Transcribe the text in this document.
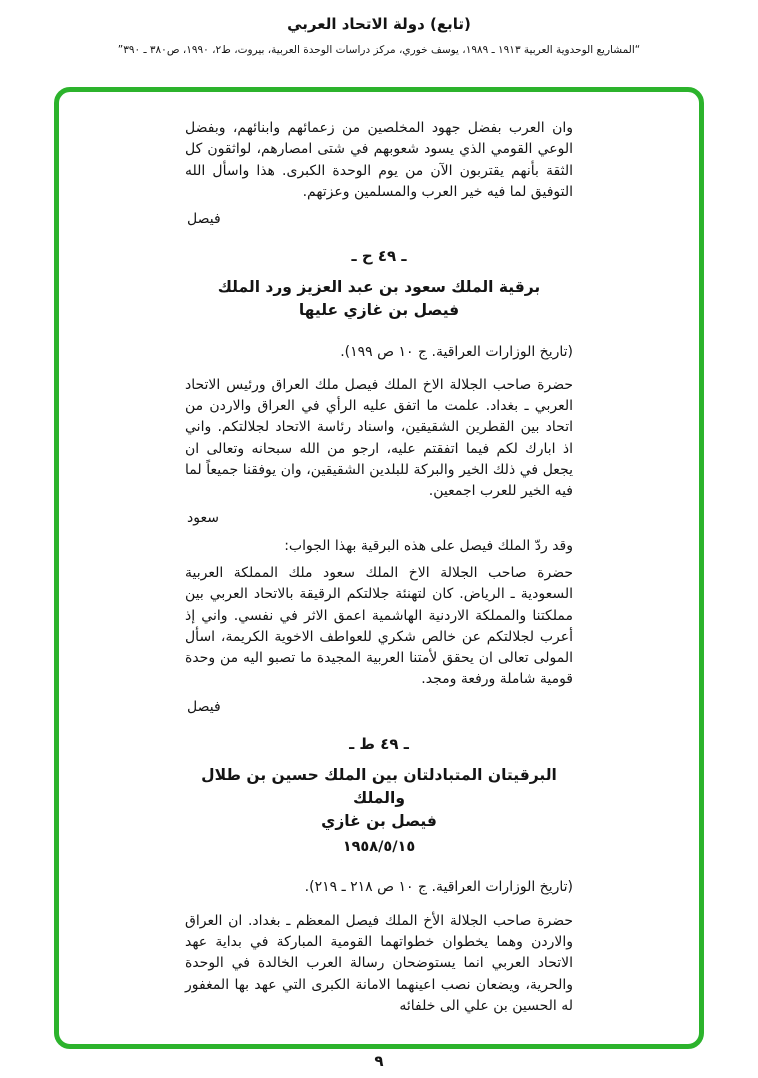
(تابع) دولة الاتحاد العربي
“المشاريع الوحدوية العربية ١٩١٣ ـ ١٩٨٩، يوسف خوري، مركز دراسات الوحدة العربية، بيروت، ط٢، ١٩٩٠، ص٣٨٠ ـ ٣٩٠”

وان العرب بفضل جهود المخلصين من زعمائهم وابنائهم، وبفضل الوعي القومي الذي يسود شعوبهم في شتى امصارهم، لواثقون كل الثقة بأنهم يقتربون الآن من يوم الوحدة الكبرى. هذا واسأل الله التوفيق لما فيه خير العرب والمسلمين وعزتهم.

فيصل
ـ ٤٩ ح ـ
برقية الملك سعود بن عبد العزيز ورد الملك
فيصل بن غازي عليها

(تاريخ الوزارات العراقية. ج ١٠ ص ١٩٩).

حضرة صاحب الجلالة الاخ الملك فيصل ملك العراق ورئيس الاتحاد العربي ـ بغداد. علمت ما اتفق عليه الرأي في العراق والاردن من اتحاد بين القطرين الشقيقين، واسناد رئاسة الاتحاد لجلالتكم. واني اذ ابارك لكم فيما اتفقتم عليه، ارجو من الله سبحانه وتعالى ان يجعل في ذلك الخير والبركة للبلدين الشقيقين، وان يوفقنا جميعاً لما فيه الخير للعرب اجمعين.

سعود

وقد ردّ الملك فيصل على هذه البرقية بهذا الجواب:

حضرة صاحب الجلالة الاخ الملك سعود ملك المملكة العربية السعودية ـ الرياض. كان لتهنئة جلالتكم الرقيقة بالاتحاد العربي بين مملكتنا والمملكة الاردنية الهاشمية اعمق الاثر في نفسي. واني إذ أعرب لجلالتكم عن خالص شكري للعواطف الاخوية الكريمة، اسأل المولى تعالى ان يحقق لأمتنا العربية المجيدة ما تصبو اليه من وحدة قومية شاملة ورفعة ومجد.

فيصل
ـ ٤٩ ط ـ
البرقيتان المتبادلتان بين الملك حسين بن طلال والملك
فيصل بن غازي
١٩٥٨/٥/١٥

(تاريخ الوزارات العراقية. ج ١٠ ص ٢١٨ ـ ٢١٩).

حضرة صاحب الجلالة الأخ الملك فيصل المعظم ـ بغداد. ان العراق والاردن وهما يخطوان خطواتهما القومية المباركة في بداية عهد الاتحاد العربي انما يستوضحان رسالة العرب الخالدة في الوحدة والحرية، ويضعان نصب اعينهما الامانة الكبرى التي عهد بها المغفور له الحسين بن علي الى خلفائه

٩
